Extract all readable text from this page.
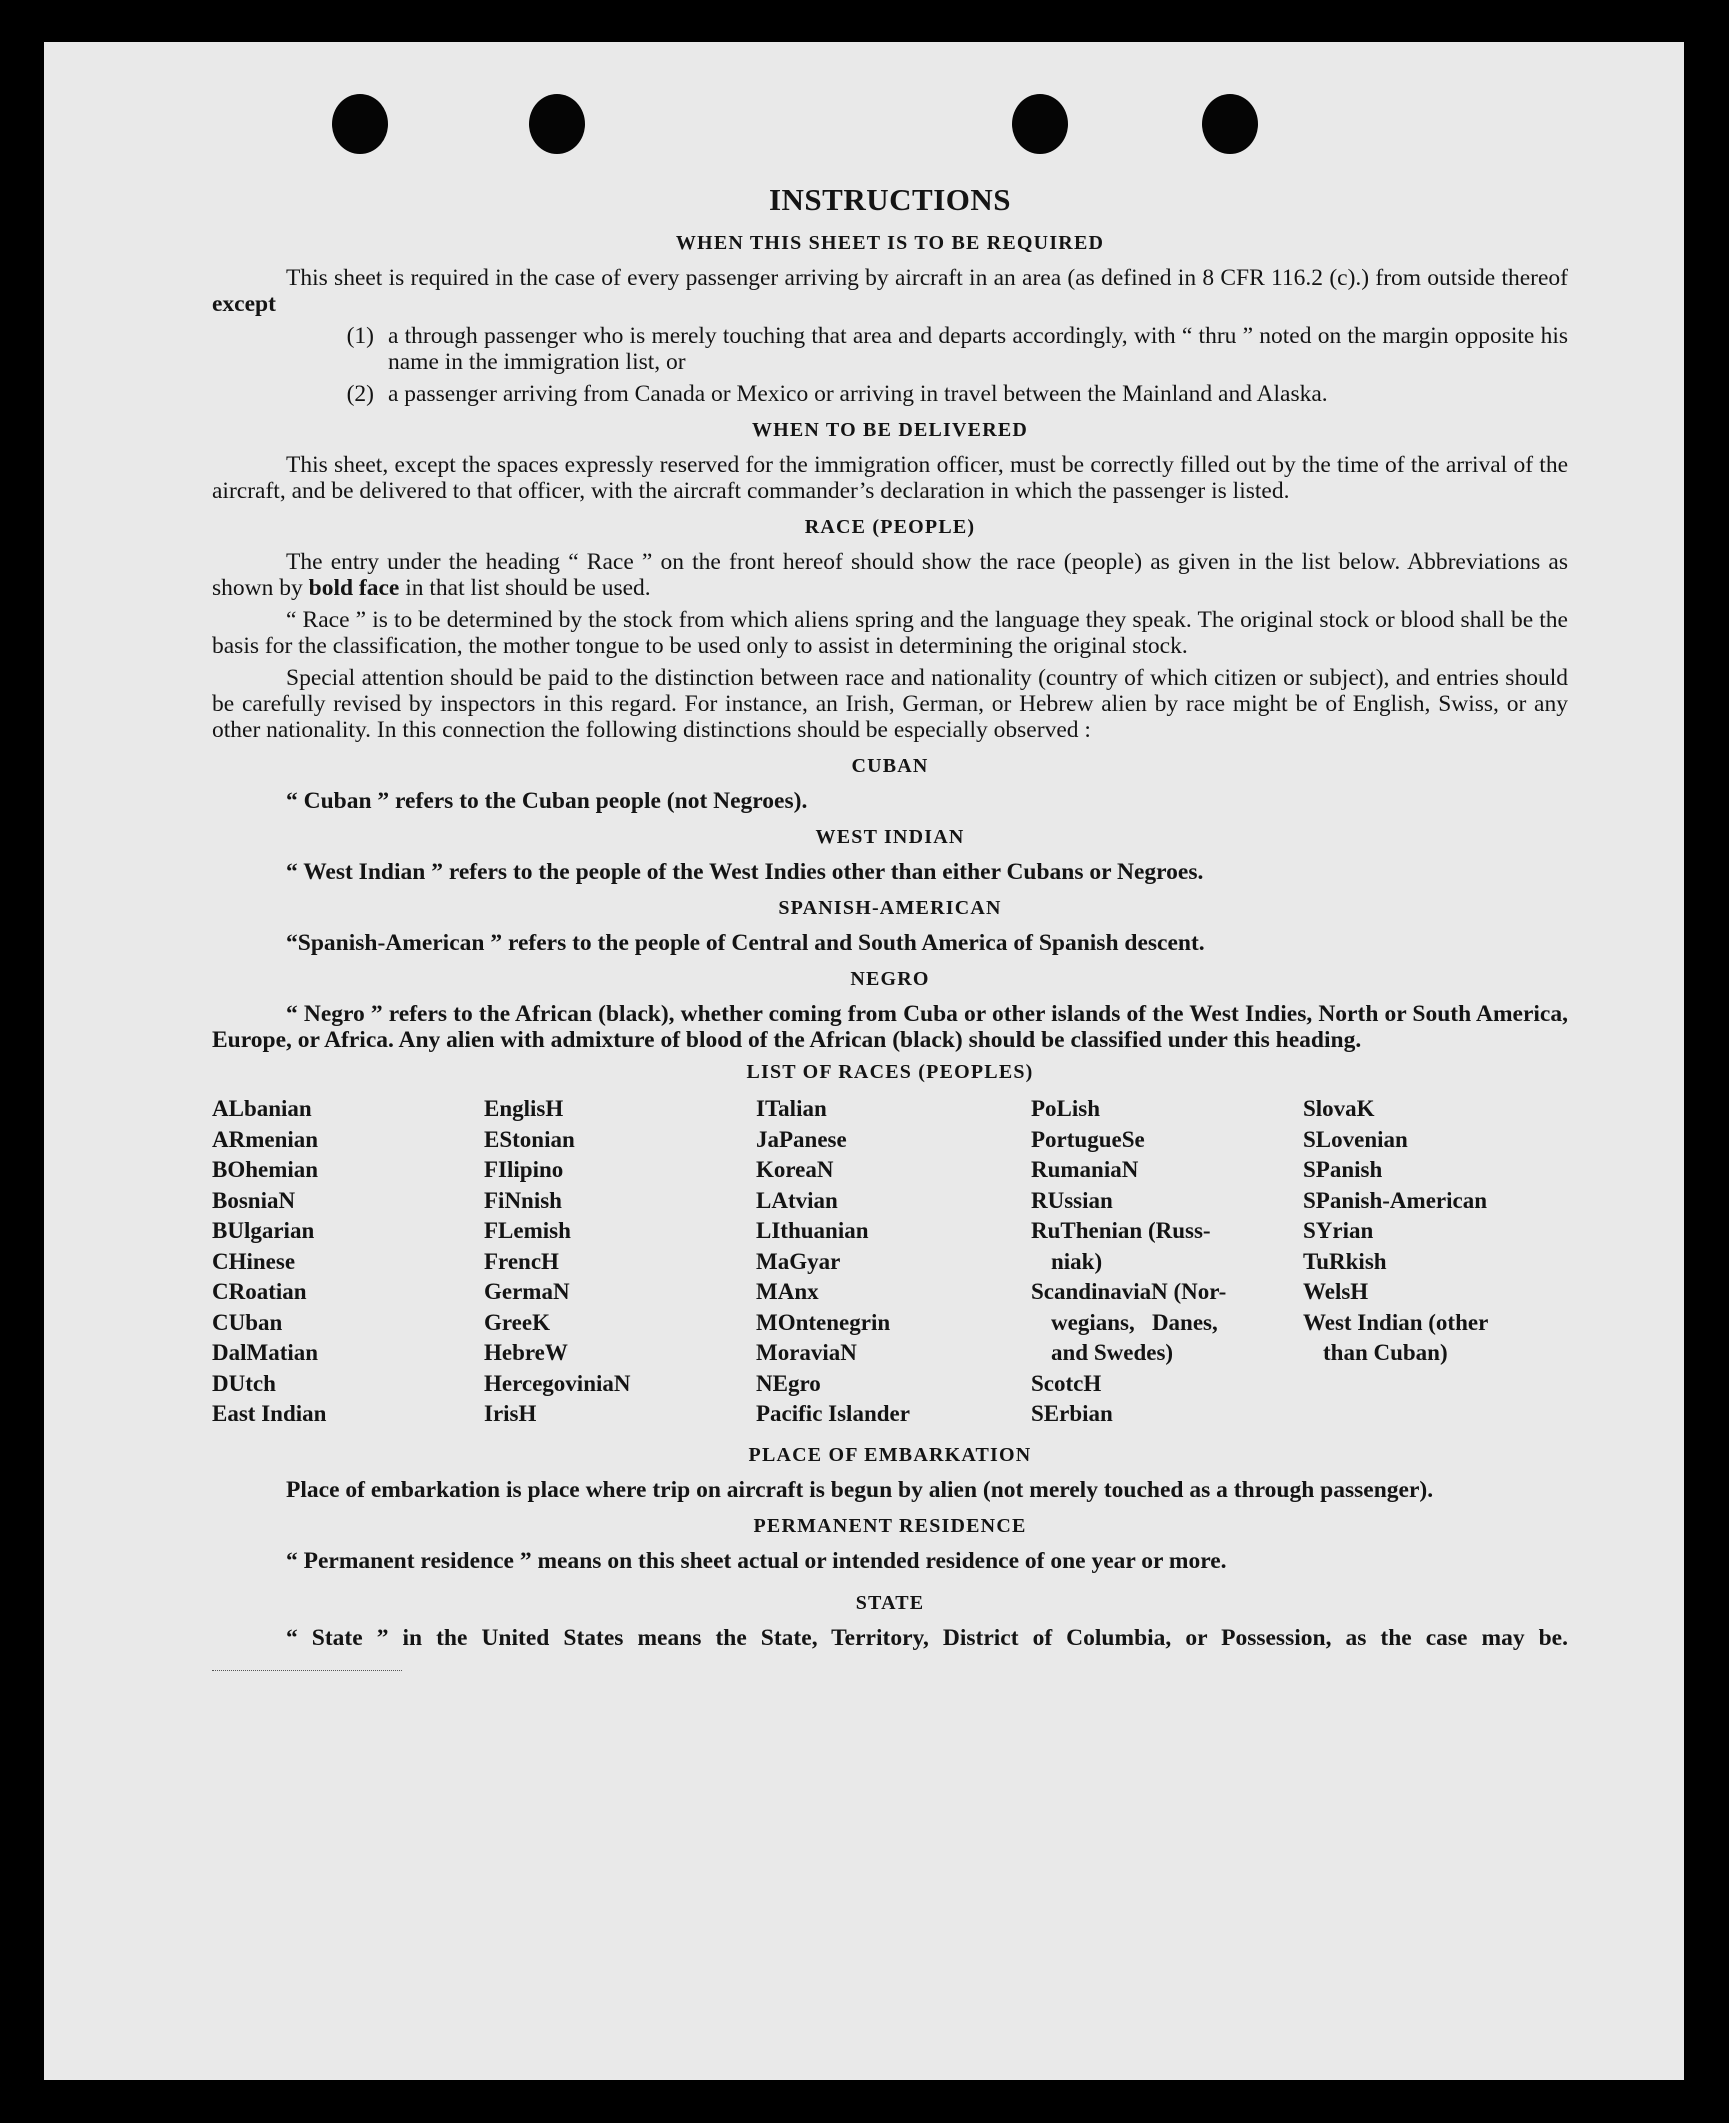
INSTRUCTIONS
WHEN THIS SHEET IS TO BE REQUIRED

This sheet is required in the case of every passenger arriving by aircraft in an area (as defined in 8 CFR 116.2 (c).) from outside thereof except

(1) a through passenger who is merely touching that area and departs accordingly, with “ thru ” noted on the margin opposite his name in the immigration list, or
(2) a passenger arriving from Canada or Mexico or arriving in travel between the Mainland and Alaska.
WHEN TO BE DELIVERED

This sheet, except the spaces expressly reserved for the immigration officer, must be correctly filled out by the time of the arrival of the aircraft, and be delivered to that officer, with the aircraft commander’s declaration in which the passenger is listed.

RACE (PEOPLE)

The entry under the heading “ Race ” on the front hereof should show the race (people) as given in the list below. Abbreviations as shown by bold face in that list should be used.

“ Race ” is to be determined by the stock from which aliens spring and the language they speak. The original stock or blood shall be the basis for the classification, the mother tongue to be used only to assist in determining the original stock.

Special attention should be paid to the distinction between race and nationality (country of which citizen or subject), and entries should be carefully revised by inspectors in this regard. For instance, an Irish, German, or Hebrew alien by race might be of English, Swiss, or any other nationality. In this connection the following distinctions should be especially observed :

CUBAN

“ Cuban ” refers to the Cuban people (not Negroes).

WEST INDIAN

“ West Indian ” refers to the people of the West Indies other than either Cubans or Negroes.

SPANISH-AMERICAN

“Spanish-American ” refers to the people of Central and South America of Spanish descent.

NEGRO

“ Negro ” refers to the African (black), whether coming from Cuba or other islands of the West Indies, North or South America, Europe, or Africa. Any alien with admixture of blood of the African (black) should be classified under this heading.

LIST OF RACES (PEOPLES)
ALbanian
ARmenian
BOhemian
BosniaN
BUlgarian
CHinese
CRoatian
CUban
DalMatian
DUtch
East Indian
EnglisH
EStonian
FIlipino
FiNnish
FLemish
FrencH
GermaN
GreeK
HebreW
HercegoviniaN
IrisH
ITalian
JaPanese
KoreaN
LAtvian
LIthuanian
MaGyar
MAnx
MOntenegrin
MoraviaN
NEgro
Pacific Islander
PoLish
PortugueSe
RumaniaN
RUssian
RuThenian (Russ-
niak)
ScandinaviaN (Nor-
wegians,   Danes,
and Swedes)
ScotcH
SErbian
SlovaK
SLovenian
SPanish
SPanish-American
SYrian
TuRkish
WelsH
West Indian (other
than Cuban)
PLACE OF EMBARKATION

Place of embarkation is place where trip on aircraft is begun by alien (not merely touched as a through passenger).

PERMANENT RESIDENCE

“ Permanent residence ” means on this sheet actual or intended residence of one year or more.

STATE

“ State ” in the United States means the State, Territory, District of Columbia, or Possession, as the case may be.
